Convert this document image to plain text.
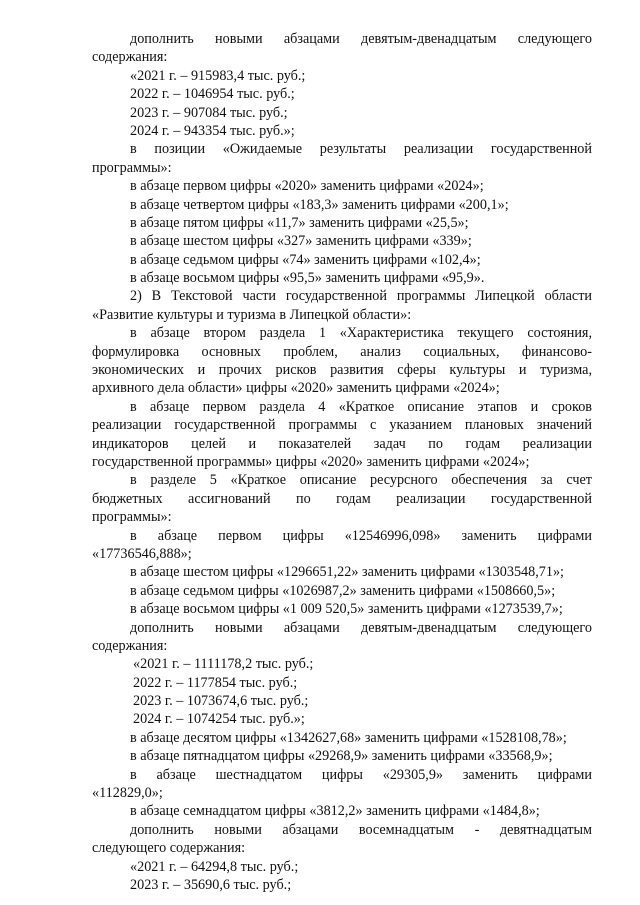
дополнить новыми абзацами девятым-двенадцатым следующего
содержания:
«2021 г. – 915983,4 тыс. руб.;
2022 г. – 1046954 тыс. руб.;
2023 г. – 907084 тыс. руб.;
2024 г. – 943354 тыс. руб.»;
в позиции «Ожидаемые результаты реализации государственной
программы»:
в абзаце первом цифры «2020» заменить цифрами «2024»;
в абзаце четвертом цифры «183,3» заменить цифрами «200,1»;
в абзаце пятом цифры «11,7» заменить цифрами «25,5»;
в абзаце шестом цифры «327» заменить цифрами «339»;
в абзаце седьмом цифры «74» заменить цифрами «102,4»;
в абзаце восьмом цифры «95,5» заменить цифрами «95,9».
2) В Текстовой части государственной программы Липецкой области
«Развитие культуры и туризма в Липецкой области»:
в абзаце втором раздела 1 «Характеристика текущего состояния,
формулировка основных проблем, анализ социальных, финансово-
экономических и прочих рисков развития сферы культуры и туризма,
архивного дела области» цифры «2020» заменить цифрами «2024»;
в абзаце первом раздела 4 «Краткое описание этапов и сроков
реализации государственной программы с указанием плановых значений
индикаторов целей и показателей задач по годам реализации
государственной программы» цифры «2020» заменить цифрами «2024»;
в разделе 5 «Краткое описание ресурсного обеспечения за счет
бюджетных ассигнований по годам реализации государственной
программы»:
в абзаце первом цифры «12546996,098» заменить цифрами
«17736546,888»;
в абзаце шестом цифры «1296651,22» заменить цифрами «1303548,71»;
в абзаце седьмом цифры «1026987,2» заменить цифрами «1508660,5»;
в абзаце восьмом цифры «1 009 520,5» заменить цифрами «1273539,7»;
дополнить новыми абзацами девятым-двенадцатым следующего
содержания:
«2021 г. – 1111178,2 тыс. руб.;
2022 г. – 1177854 тыс. руб.;
2023 г. – 1073674,6 тыс. руб.;
2024 г. – 1074254 тыс. руб.»;
в абзаце десятом цифры «1342627,68» заменить цифрами «1528108,78»;
в абзаце пятнадцатом цифры «29268,9» заменить цифрами «33568,9»;
в абзаце шестнадцатом цифры «29305,9» заменить цифрами
«112829,0»;
в абзаце семнадцатом цифры «3812,2» заменить цифрами «1484,8»;
дополнить новыми абзацами восемнадцатым - девятнадцатым
следующего содержания:
«2021 г. – 64294,8 тыс. руб.;
2023 г. – 35690,6 тыс. руб.;
